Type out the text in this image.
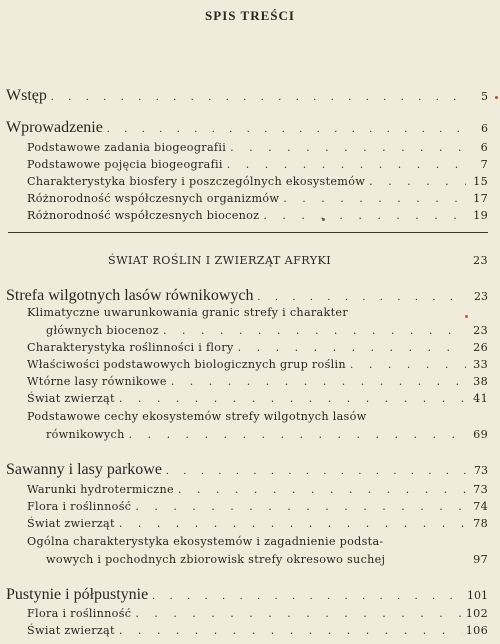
SPIS TREŚCI
Wstęp . . .	5
Wprowadzenie . . .	6
Podstawowe zadania biogeografii . . .	6
Podstawowe pojęcia biogeografii . . .	7
Charakterystyka biosfery i poszczególnych ekosystemów . . .	15
Różnorodność współczesnych organizmów . . .	17
Różnorodność współczesnych biocenoz . . .	19
ŚWIAT ROŚLIN I ZWIERZĄT AFRYKI	23
Strefa wilgotnych lasów równikowych . . .	23
Klimatyczne uwarunkowania granic strefy i charakter
głównych biocenoz . . .	23
Charakterystyka roślinności i flory . . .	26
Właściwości podstawowych biologicznych grup roślin . . .	33
Wtórne lasy równikowe . . .	38
Świat zwierząt . . .	41
Podstawowe cechy ekosystemów strefy wilgotnych lasów
równikowych . . .	69
Sawanny i lasy parkowe . . .	73
Warunki hydrotermiczne . . .	73
Flora i roślinność . . .	74
Świat zwierząt . . .	78
Ogólna charakterystyka ekosystemów i zagadnienie podsta-
wowych i pochodnych zbiorowisk strefy okresowo suchej	97
Pustynie i półpustynie . . .	101
Flora i roślinność . . .	102
Świat zwierząt . . .	106
